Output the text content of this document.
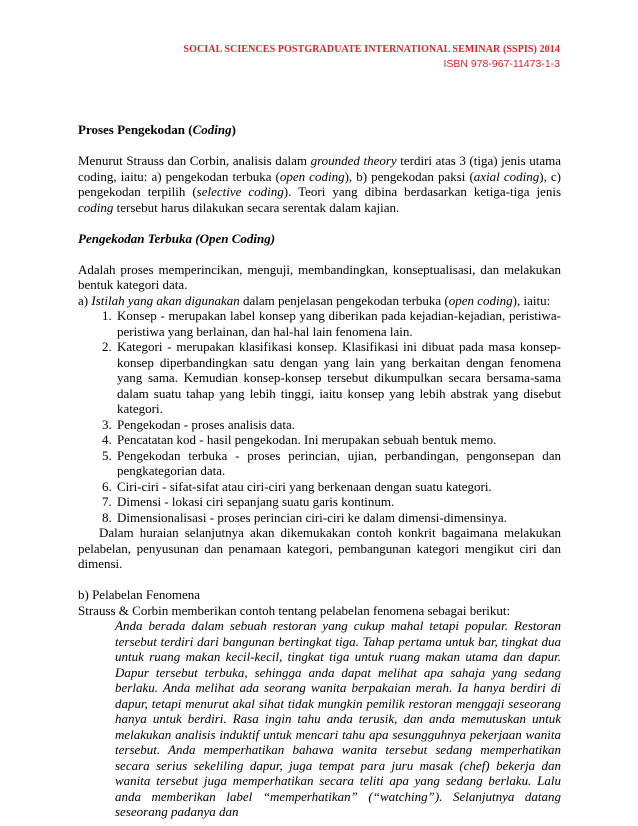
SOCIAL SCIENCES POSTGRADUATE INTERNATIONAL SEMINAR (SSPIS) 2014
ISBN 978-967-11473-1-3

Proses Pengekodan (Coding)

Menurut Strauss dan Corbin, analisis dalam grounded theory terdiri atas 3 (tiga) jenis utama coding, iaitu: a) pengekodan terbuka (open coding), b) pengekodan paksi (axial coding), c) pengekodan terpilih (selective coding). Teori yang dibina berdasarkan ketiga-tiga jenis coding tersebut harus dilakukan secara serentak dalam kajian.

Pengekodan Terbuka (Open Coding)

Adalah proses memperincikan, menguji, membandingkan, konseptualisasi, dan melakukan bentuk kategori data.

a) Istilah yang akan digunakan dalam penjelasan pengekodan terbuka (open coding), iaitu:

1. Konsep - merupakan label konsep yang diberikan pada kejadian-kejadian, peristiwa-peristiwa yang berlainan, dan hal-hal lain fenomena lain.
2. Kategori - merupakan klasifikasi konsep. Klasifikasi ini dibuat pada masa konsep-konsep diperbandingkan satu dengan yang lain yang berkaitan dengan fenomena yang sama. Kemudian konsep-konsep tersebut dikumpulkan secara bersama-sama dalam suatu tahap yang lebih tinggi, iaitu konsep yang lebih abstrak yang disebut kategori.
3. Pengekodan - proses analisis data.
4. Pencatatan kod - hasil pengekodan. Ini merupakan sebuah bentuk memo.
5. Pengekodan terbuka - proses perincian, ujian, perbandingan, pengonsepan dan pengkategorian data.
6. Ciri-ciri - sifat-sifat atau ciri-ciri yang berkenaan dengan suatu kategori.
7. Dimensi - lokasi ciri sepanjang suatu garis kontinum.
8. Dimensionalisasi - proses perincian ciri-ciri ke dalam dimensi-dimensinya.

Dalam huraian selanjutnya akan dikemukakan contoh konkrit bagaimana melakukan pelabelan, penyusunan dan penamaan kategori, pembangunan kategori mengikut ciri dan dimensi.

b) Pelabelan Fenomena

Strauss & Corbin memberikan contoh tentang pelabelan fenomena sebagai berikut:

Anda berada dalam sebuah restoran yang cukup mahal tetapi popular. Restoran tersebut terdiri dari bangunan bertingkat tiga. Tahap pertama untuk bar, tingkat dua untuk ruang makan kecil-kecil, tingkat tiga untuk ruang makan utama dan dapur. Dapur tersebut terbuka, sehingga anda dapat melihat apa sahaja yang sedang berlaku. Anda melihat ada seorang wanita berpakaian merah. Ia hanya berdiri di dapur, tetapi menurut akal sihat tidak mungkin pemilik restoran menggaji seseorang hanya untuk berdiri. Rasa ingin tahu anda terusik, dan anda memutuskan untuk melakukan analisis induktif untuk mencari tahu apa sesungguhnya pekerjaan wanita tersebut. Anda memperhatikan bahawa wanita tersebut sedang memperhatikan secara serius sekeliling dapur, juga tempat para juru masak (chef) bekerja dan wanita tersebut juga memperhatikan secara teliti apa yang sedang berlaku. Lalu anda memberikan label “memperhatikan” (“watching”). Selanjutnya datang seseorang padanya dan
